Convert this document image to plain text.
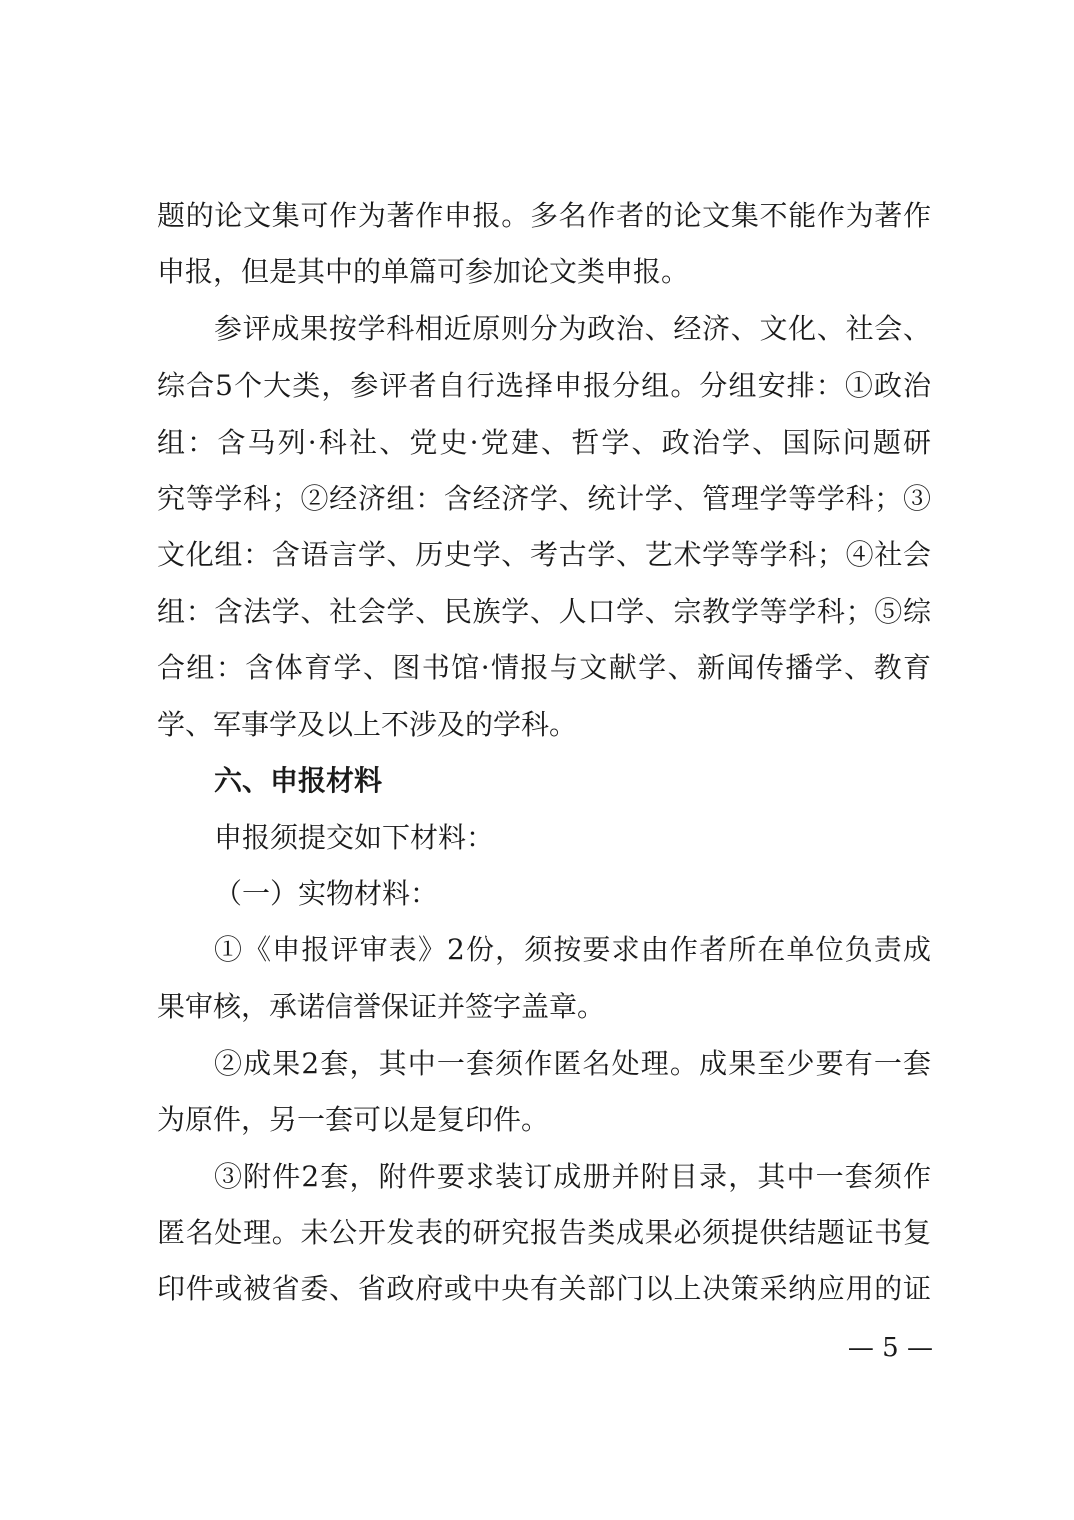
题的论文集可作为著作申报。多名作者的论文集不能作为著作
申报，但是其中的单篇可参加论文类申报。
参评成果按学科相近原则分为政治、经济、文化、社会、
综合5个大类，参评者自行选择申报分组。分组安排：①政治
组：含马列·科社、党史·党建、哲学、政治学、国际问题研
究等学科；②经济组：含经济学、统计学、管理学等学科；③
文化组：含语言学、历史学、考古学、艺术学等学科；④社会
组：含法学、社会学、民族学、人口学、宗教学等学科；⑤综
合组：含体育学、图书馆·情报与文献学、新闻传播学、教育
学、军事学及以上不涉及的学科。
六、申报材料
申报须提交如下材料：
（一）实物材料：
①《申报评审表》2份，须按要求由作者所在单位负责成
果审核，承诺信誉保证并签字盖章。
②成果2套，其中一套须作匿名处理。成果至少要有一套
为原件，另一套可以是复印件。
③附件2套，附件要求装订成册并附目录，其中一套须作
匿名处理。未公开发表的研究报告类成果必须提供结题证书复
印件或被省委、省政府或中央有关部门以上决策采纳应用的证
— 5 —
